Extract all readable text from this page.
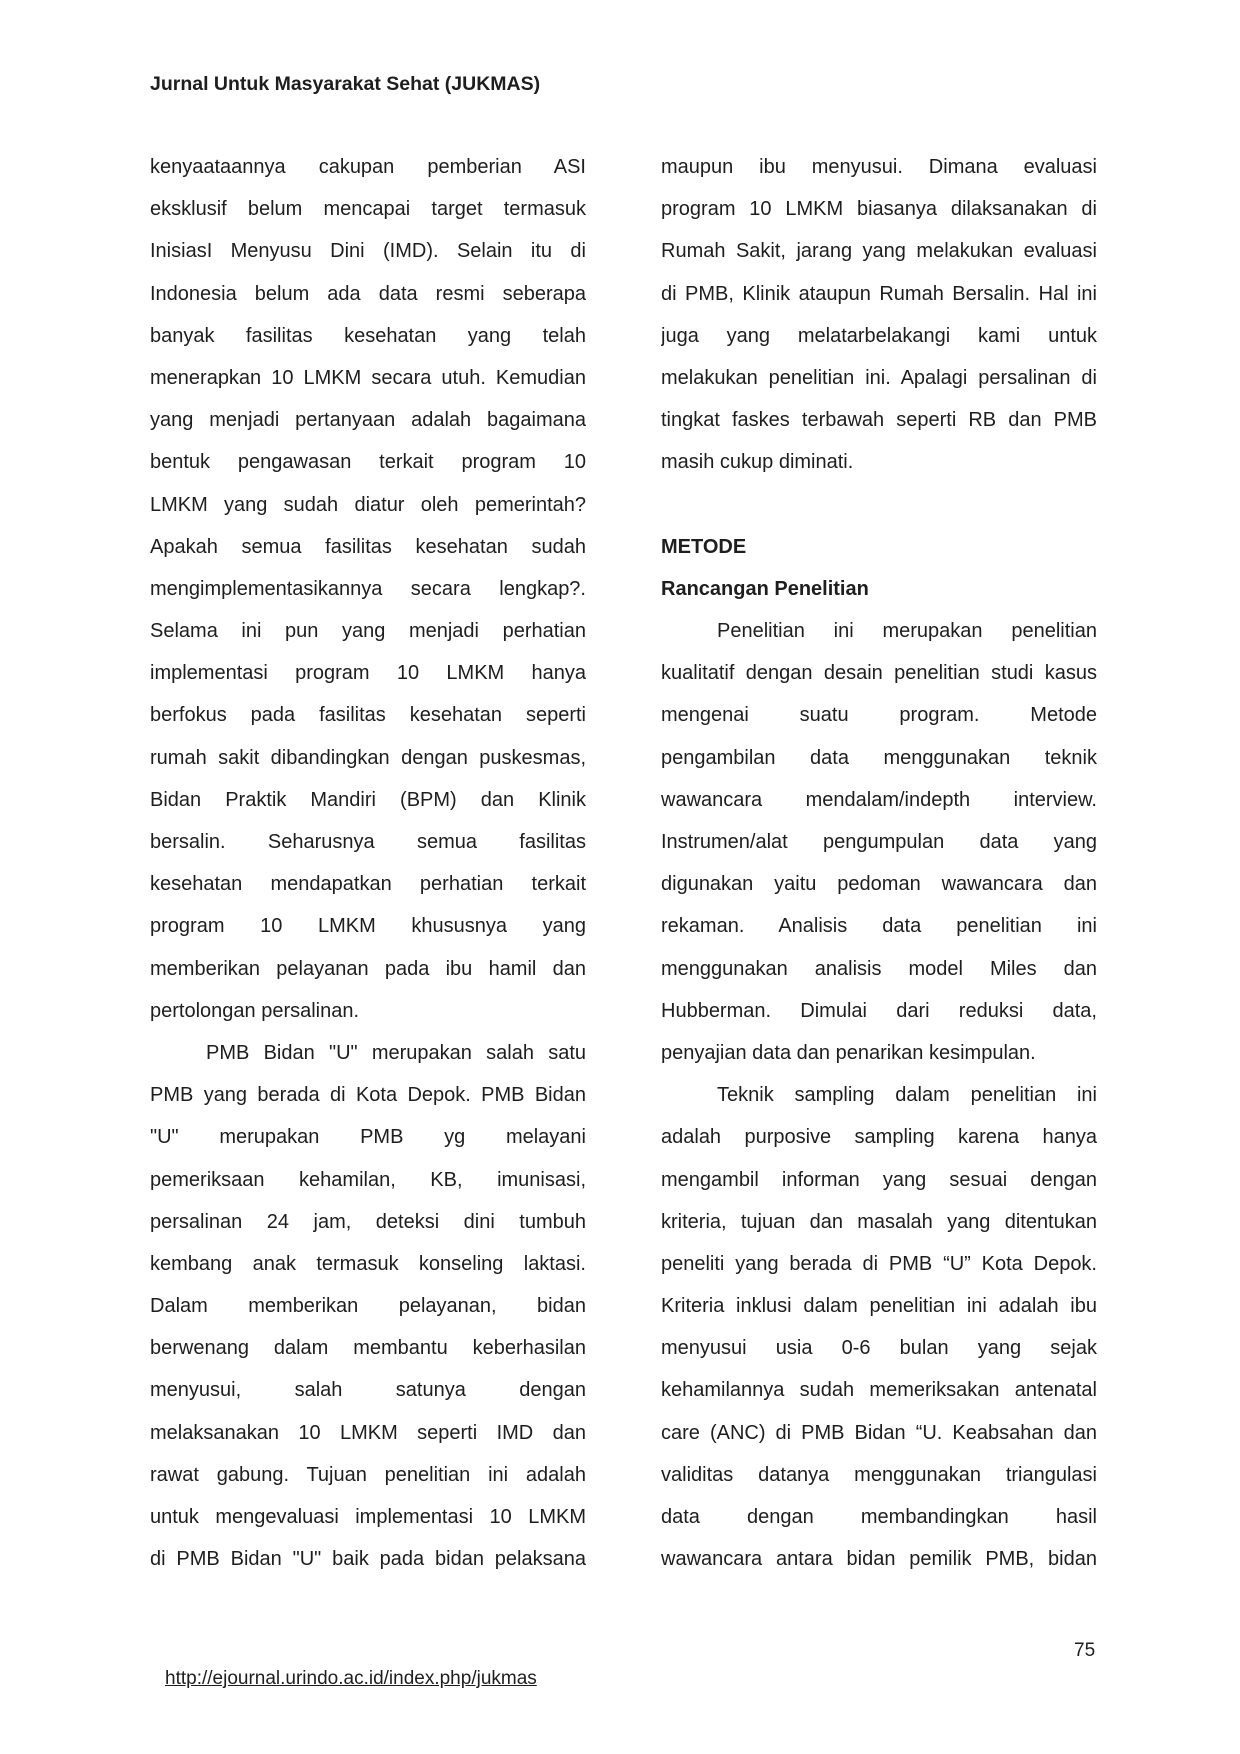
Jurnal Untuk Masyarakat Sehat (JUKMAS)
kenyaataannya cakupan pemberian ASI
eksklusif belum mencapai target termasuk
InisiasI Menyusu Dini (IMD). Selain itu di
Indonesia belum ada data resmi seberapa
banyak fasilitas kesehatan yang telah
menerapkan 10 LMKM secara utuh. Kemudian
yang menjadi pertanyaan adalah bagaimana
bentuk pengawasan terkait program 10
LMKM yang sudah diatur oleh pemerintah?
Apakah semua fasilitas kesehatan sudah
mengimplementasikannya secara lengkap?.
Selama ini pun yang menjadi perhatian
implementasi program 10 LMKM hanya
berfokus pada fasilitas kesehatan seperti
rumah sakit dibandingkan dengan puskesmas,
Bidan Praktik Mandiri (BPM) dan Klinik
bersalin. Seharusnya semua fasilitas
kesehatan mendapatkan perhatian terkait
program 10 LMKM khususnya yang
memberikan pelayanan pada ibu hamil dan
pertolongan persalinan.
PMB Bidan "U" merupakan salah satu
PMB yang berada di Kota Depok. PMB Bidan
"U" merupakan PMB yg melayani
pemeriksaan kehamilan, KB, imunisasi,
persalinan 24 jam, deteksi dini tumbuh
kembang anak termasuk konseling laktasi.
Dalam memberikan pelayanan, bidan
berwenang dalam membantu keberhasilan
menyusui, salah satunya dengan
melaksanakan 10 LMKM seperti IMD dan
rawat gabung. Tujuan penelitian ini adalah
untuk mengevaluasi implementasi 10 LMKM
di PMB Bidan "U" baik pada bidan pelaksana
maupun ibu menyusui. Dimana evaluasi
program 10 LMKM biasanya dilaksanakan di
Rumah Sakit, jarang yang melakukan evaluasi
di PMB, Klinik ataupun Rumah Bersalin. Hal ini
juga yang melatarbelakangi kami untuk
melakukan penelitian ini. Apalagi persalinan di
tingkat faskes terbawah seperti RB dan PMB
masih cukup diminati.
METODE
Rancangan Penelitian
Penelitian ini merupakan penelitian
kualitatif dengan desain penelitian studi kasus
mengenai suatu program. Metode
pengambilan data menggunakan teknik
wawancara mendalam/indepth interview.
Instrumen/alat pengumpulan data yang
digunakan yaitu pedoman wawancara dan
rekaman. Analisis data penelitian ini
menggunakan analisis model Miles dan
Hubberman. Dimulai dari reduksi data,
penyajian data dan penarikan kesimpulan.
Teknik sampling dalam penelitian ini
adalah purposive sampling karena hanya
mengambil informan yang sesuai dengan
kriteria, tujuan dan masalah yang ditentukan
peneliti yang berada di PMB “U” Kota Depok.
Kriteria inklusi dalam penelitian ini adalah ibu
menyusui usia 0-6 bulan yang sejak
kehamilannya sudah memeriksakan antenatal
care (ANC) di PMB Bidan “U. Keabsahan dan
validitas datanya menggunakan triangulasi
data dengan membandingkan hasil
wawancara antara bidan pemilik PMB, bidan
75
http://ejournal.urindo.ac.id/index.php/jukmas
